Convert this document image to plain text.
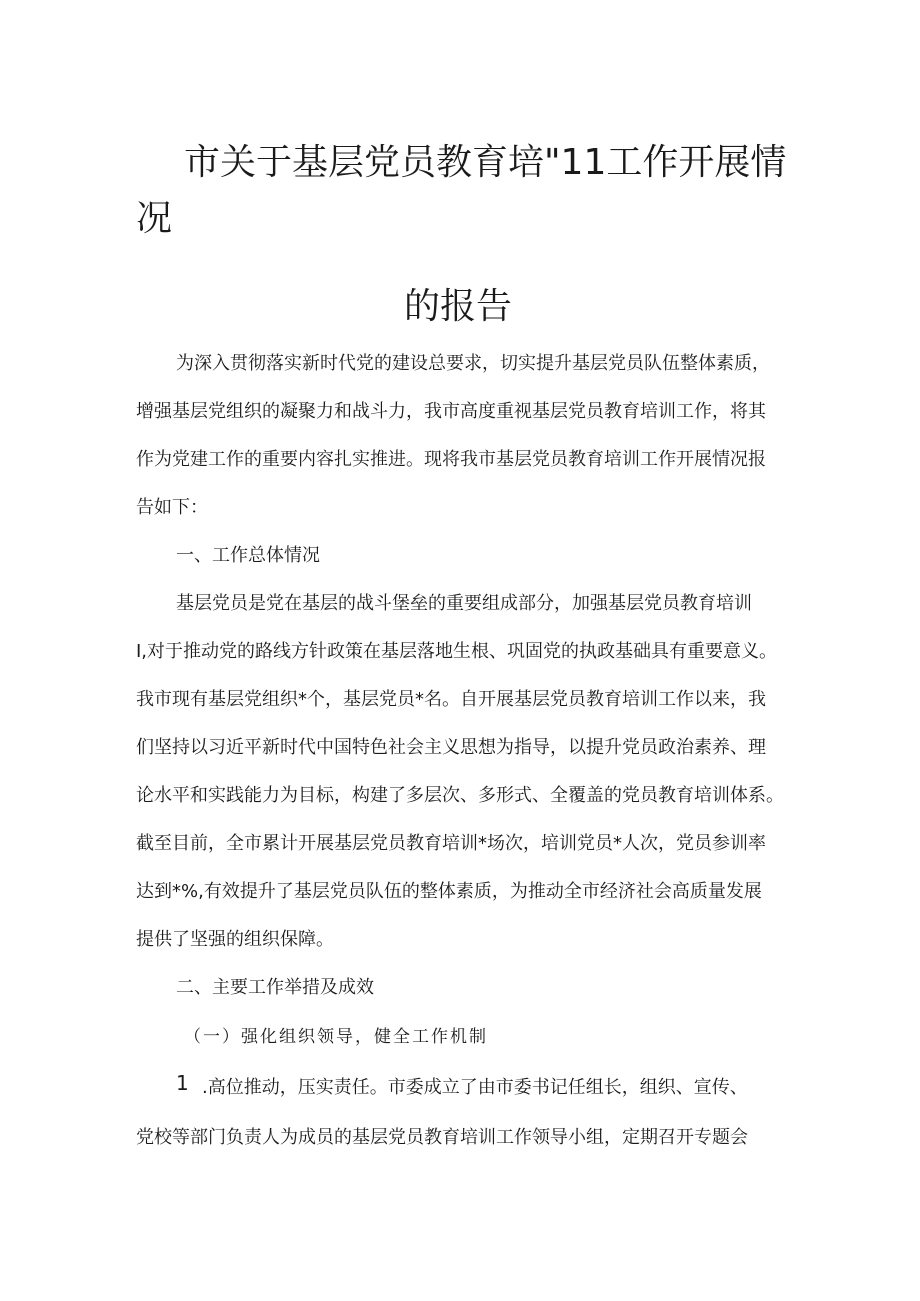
市关于基层党员教育培"11工作开展情
况
的报告
为深入贯彻落实新时代党的建设总要求，切实提升基层党员队伍整体素质，
增强基层党组织的凝聚力和战斗力，我市高度重视基层党员教育培训工作，将其
作为党建工作的重要内容扎实推进。现将我市基层党员教育培训工作开展情况报
告如下：
一、工作总体情况
基层党员是党在基层的战斗堡垒的重要组成部分，加强基层党员教育培训
I,对于推动党的路线方针政策在基层落地生根、巩固党的执政基础具有重要意义。
我市现有基层党组织*个，基层党员*名。自开展基层党员教育培训工作以来，我
们坚持以习近平新时代中国特色社会主义思想为指导，以提升党员政治素养、理
论水平和实践能力为目标，构建了多层次、多形式、全覆盖的党员教育培训体系。
截至目前，全市累计开展基层党员教育培训*场次，培训党员*人次，党员参训率
达到*%,有效提升了基层党员队伍的整体素质，为推动全市经济社会高质量发展
提供了坚强的组织保障。
二、主要工作举措及成效
（一）强化组织领导，健全工作机制
1 .高位推动，压实责任。市委成立了由市委书记任组长，组织、宣传、
党校等部门负责人为成员的基层党员教育培训工作领导小组，定期召开专题会
